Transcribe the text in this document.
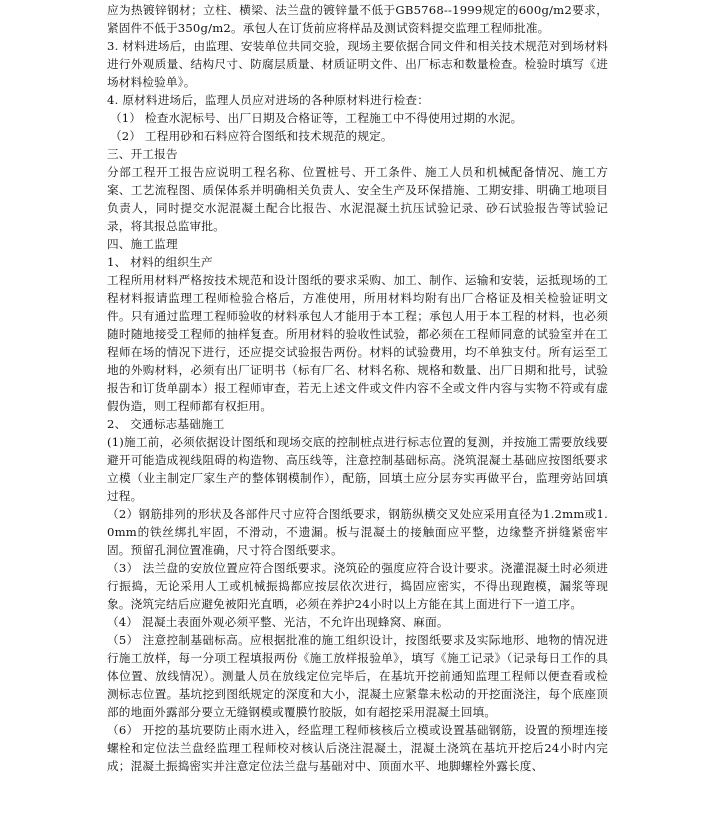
应为热镀锌钢材；立柱、横梁、法兰盘的镀锌量不低于GB5768--1999规定的600g/m2要求，紧固件不低于350g/m2。承包人在订货前应将样品及测试资料提交监理工程师批准。

3. 材料进场后，由监理、安装单位共同交验，现场主要依据合同文件和相关技术规范对到场材料进行外观质量、结构尺寸、防腐层质量、材质证明文件、出厂标志和数量检查。检验时填写《进场材料检验单》。

4. 原材料进场后，监理人员应对进场的各种原材料进行检查：

（1） 检查水泥标号、出厂日期及合格证等，工程施工中不得使用过期的水泥。

（2） 工程用砂和石料应符合图纸和技术规范的规定。

三、开工报告

分部工程开工报告应说明工程名称、位置桩号、开工条件、施工人员和机械配备情况、施工方案、工艺流程图、质保体系并明确相关负责人、安全生产及环保措施、工期安排、明确工地项目负责人，同时提交水泥混凝土配合比报告、水泥混凝土抗压试验记录、砂石试验报告等试验记录，将其报总监审批。

四、施工监理

1、 材料的组织生产

工程所用材料严格按技术规范和设计图纸的要求采购、加工、制作、运输和安装，运抵现场的工程材料报请监理工程师检验合格后，方准使用，所用材料均附有出厂合格证及相关检验证明文件。只有通过监理工程师验收的材料承包人才能用于本工程；承包人用于本工程的材料，也必须随时随地接受工程师的抽样复查。所用材料的验收性试验，都必须在工程师同意的试验室并在工程师在场的情况下进行，还应提交试验报告两份。材料的试验费用，均不单独支付。所有运至工地的外购材料，必须有出厂证明书（标有厂名、材料名称、规格和数量、出厂日期和批号，试验报告和订货单副本）报工程师审查，若无上述文件或文件内容不全或文件内容与实物不符或有虚假伪造，则工程师都有权拒用。

2、 交通标志基础施工

(1)施工前，必须依据设计图纸和现场交底的控制桩点进行标志位置的复测，并按施工需要放线要避开可能造成视线阻碍的构造物、高压线等，注意控制基础标高。浇筑混凝土基础应按图纸要求立模（业主制定厂家生产的整体钢模制作），配筋，回填土应分层夯实再做平台，监理旁站回填过程。

（2）钢筋排列的形状及各部件尺寸应符合图纸要求，钢筋纵横交叉处应采用直径为1.2mm或1.0mm的铁丝绑扎牢固，不滑动，不遗漏。板与混凝土的接触面应平整，边缘整齐拼缝紧密牢固。预留孔洞位置准确，尺寸符合图纸要求。

（3） 法兰盘的安放位置应符合图纸要求。浇筑砼的强度应符合设计要求。浇灌混凝土时必须进行振捣，无论采用人工或机械振捣都应按层依次进行，捣固应密实，不得出现跑模，漏浆等现象。浇筑完结后应避免被阳光直晒，必须在养护24小时以上方能在其上面进行下一道工序。

（4） 混凝土表面外观必须平整、光洁，不允许出现蜂窝、麻面。

（5） 注意控制基础标高。应根据批准的施工组织设计，按图纸要求及实际地形、地物的情况进行施工放样，每一分项工程填报两份《施工放样报验单》，填写《施工记录》（记录每日工作的具体位置、放线情况）。测量人员在放线定位完毕后，在基坑开挖前通知监理工程师以便查看或检测标志位置。基坑挖到图纸规定的深度和大小，混凝土应紧靠未松动的开挖面浇注，每个底座顶部的地面外露部分要立无缝钢模或覆膜竹胶版，如有超挖采用混凝土回填。

（6） 开挖的基坑要防止雨水进入，经监理工程师核核后立模或设置基础钢筋，设置的预埋连接螺栓和定位法兰盘经监理工程师校对核认后浇注混凝土，混凝土浇筑在基坑开挖后24小时内完成；混凝土振捣密实并注意定位法兰盘与基础对中、顶面水平、地脚螺栓外露长度、
